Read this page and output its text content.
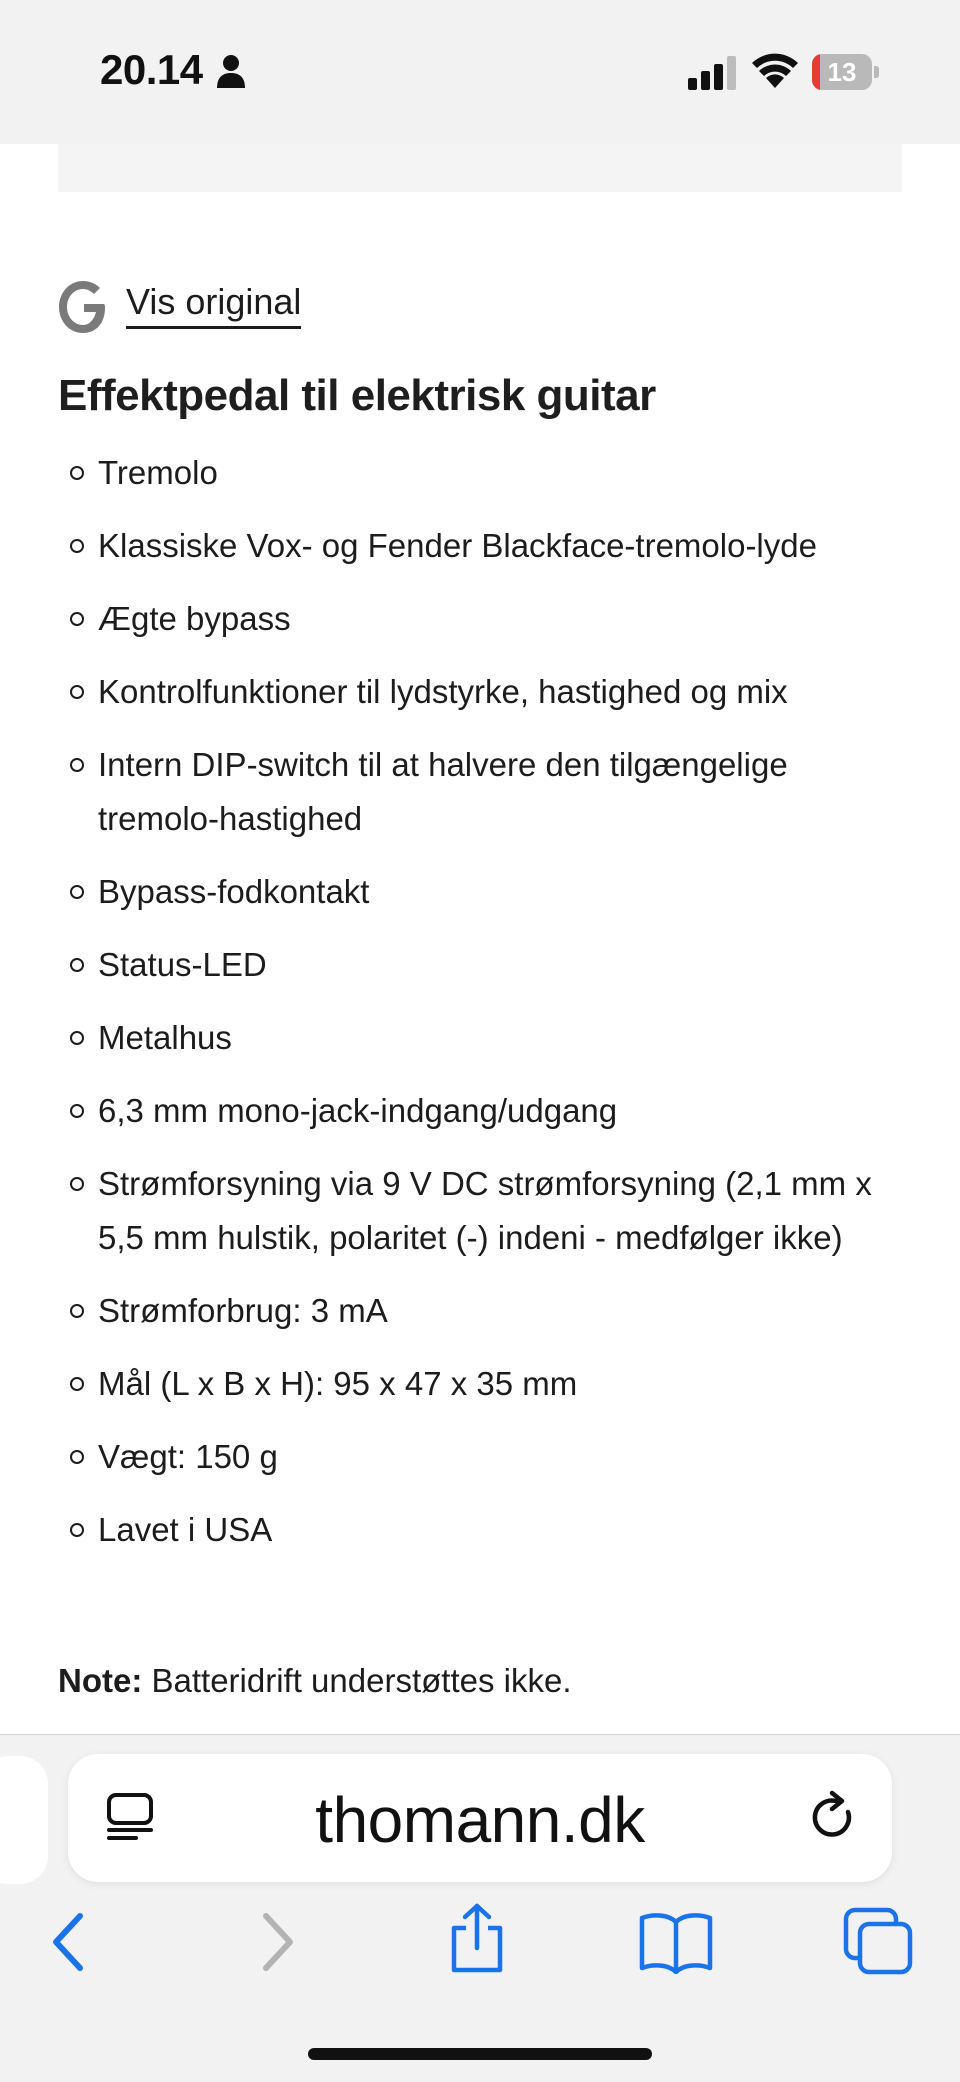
20.14	13
Vis original
Effektpedal til elektrisk guitar
Tremolo
Klassiske Vox- og Fender Blackface-tremolo-lyde
Ægte bypass
Kontrolfunktioner til lydstyrke, hastighed og mix
Intern DIP-switch til at halvere den tilgængelige tremolo-hastighed
Bypass-fodkontakt
Status-LED
Metalhus
6,3 mm mono-jack-indgang/udgang
Strømforsyning via 9 V DC strømforsyning (2,1 mm x 5,5 mm hulstik, polaritet (-) indeni - medfølger ikke)
Strømforbrug: 3 mA
Mål (L x B x H): 95 x 47 x 35 mm
Vægt: 150 g
Lavet i USA
Note: Batteridrift understøttes ikke.
thomann.dk
